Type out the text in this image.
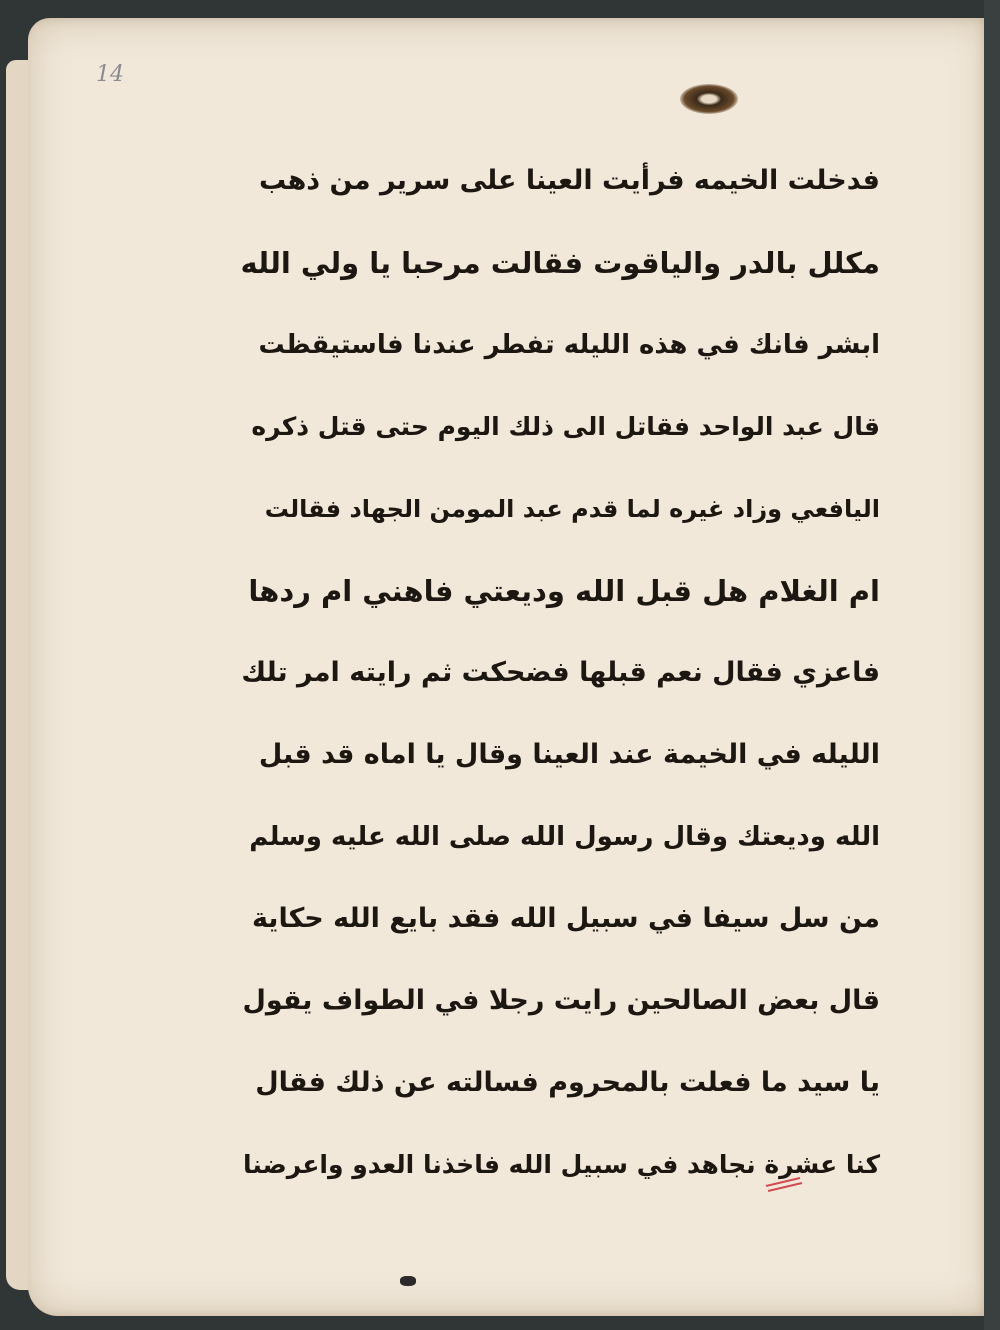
14
فدخلت الخيمه فرأيت العينا على سرير من ذهب
مكلل بالدر والياقوت فقالت مرحبا يا ولي الله
ابشر فانك في هذه الليله تفطر عندنا فاستيقظت
قال عبد الواحد فقاتل الى ذلك اليوم حتى قتل ذكره
اليافعي وزاد غيره لما قدم عبد المومن الجهاد فقالت
ام الغلام هل قبل الله وديعتي فاهني ام ردها
فاعزي فقال نعم قبلها فضحكت ثم رايته امر تلك
الليله في الخيمة عند العينا وقال يا اماه قد قبل
الله وديعتك وقال رسول الله صلى الله عليه وسلم
من سل سيفا في سبيل الله فقد بايع الله حكاية
قال بعض الصالحين رايت رجلا في الطواف يقول
يا سيد ما فعلت بالمحروم فسالته عن ذلك فقال
كنا عشرة نجاهد في سبيل الله فاخذنا العدو واعرضنا
